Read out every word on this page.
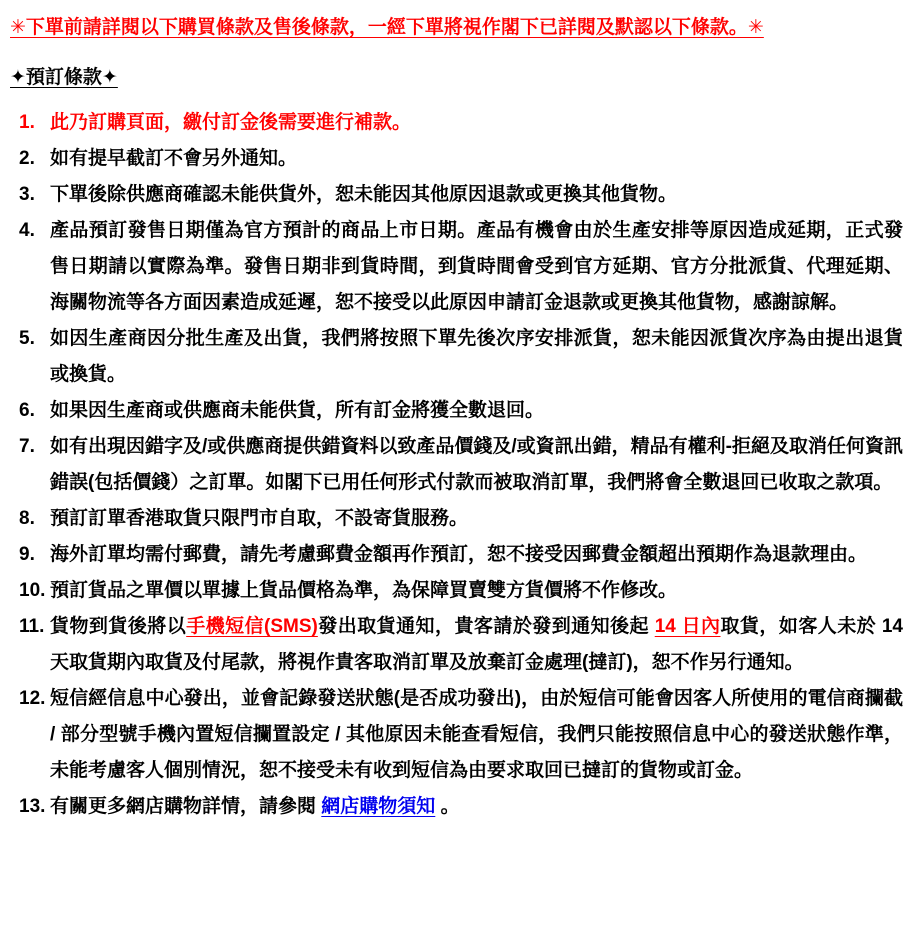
✳下單前請詳閱以下購買條款及售後條款，一經下單將視作閣下已詳閱及默認以下條款。✳
✦預訂條款✦
1. 此乃訂購頁面，繳付訂金後需要進行補款。
2. 如有提早截訂不會另外通知。
3. 下單後除供應商確認未能供貨外，恕未能因其他原因退款或更換其他貨物。
4. 產品預訂發售日期僅為官方預計的商品上市日期。產品有機會由於生產安排等原因造成延期，正式發售日期請以實際為準。發售日期非到貨時間，到貨時間會受到官方延期、官方分批派貨、代理延期、海關物流等各方面因素造成延遲，恕不接受以此原因申請訂金退款或更換其他貨物，感謝諒解。
5. 如因生產商因分批生產及出貨，我們將按照下單先後次序安排派貨，恕未能因派貨次序為由提出退貨或換貨。
6. 如果因生產商或供應商未能供貨，所有訂金將獲全數退回。
7. 如有出現因錯字及/或供應商提供錯資料以致產品價錢及/或資訊出錯，精品有權利-拒絕及取消任何資訊錯誤(包括價錢）之訂單。如閣下已用任何形式付款而被取消訂單，我們將會全數退回已收取之款項。
8. 預訂訂單香港取貨只限門市自取，不設寄貨服務。
9. 海外訂單均需付郵費，請先考慮郵費金額再作預訂，恕不接受因郵費金額超出預期作為退款理由。
10. 預訂貨品之單價以單據上貨品價格為準，為保障買賣雙方貨價將不作修改。
11. 貨物到貨後將以手機短信(SMS)發出取貨通知，貴客請於發到通知後起 14 日內取貨，如客人未於 14 天取貨期內取貨及付尾款，將視作貴客取消訂單及放棄訂金處理(撻訂)，恕不作另行通知。
12. 短信經信息中心發出，並會記錄發送狀態(是否成功發出)，由於短信可能會因客人所使用的電信商攔截 / 部分型號手機內置短信攔置設定 / 其他原因未能查看短信，我們只能按照信息中心的發送狀態作準，未能考慮客人個別情況，恕不接受未有收到短信為由要求取回已撻訂的貨物或訂金。
13. 有關更多網店購物詳情，請參閱 網店購物須知 。
